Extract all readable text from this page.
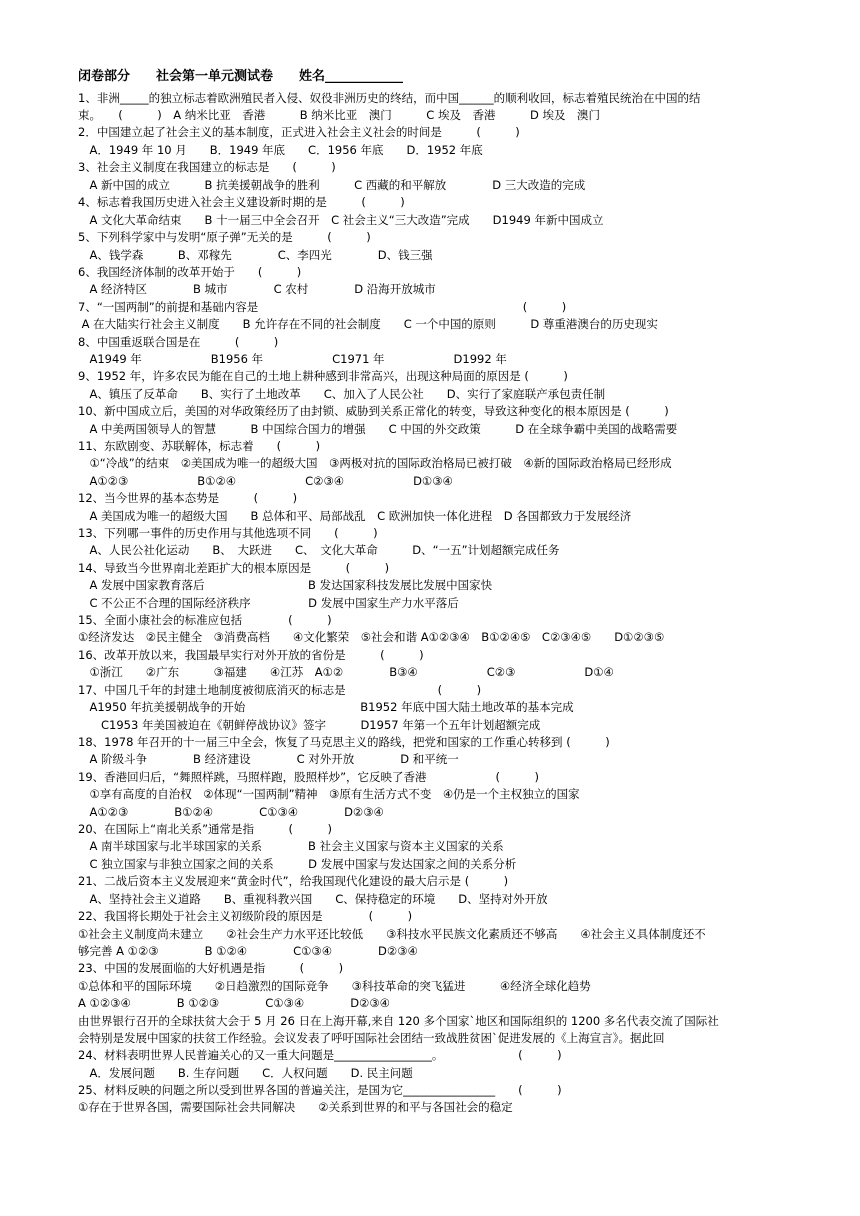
闭卷部分　　社会第一单元测试卷　　姓名____________
1、非洲_____的独立标志着欧洲殖民者入侵、奴役非洲历史的终结，而中国______的顺利收回，标志着殖民统治在中国的结
束。　　(　　　)　A 纳米比亚　香港　　　B 纳米比亚　澳门　　　C 埃及　香港　　　D 埃及　澳门
2．中国建立起了社会主义的基本制度，正式进入社会主义社会的时间是　　　(　　　)
　A．1949 年 10 月　　B．1949 年底　　C．1956 年底　　D．1952 年底
3、社会主义制度在我国建立的标志是　　(　　　)
　A 新中国的成立　　　B 抗美援朝战争的胜利　　　C 西藏的和平解放　　　　D 三大改造的完成
4、标志着我国历史进入社会主义建设新时期的是　　　(　　　)
　A 文化大革命结束　　B 十一届三中全会召开　C 社会主义“三大改造”完成　　D1949 年新中国成立
5、下列科学家中与发明“原子弹”无关的是　　　(　　　)
　A、钱学森　　　B、邓稼先　　　　C、李四光　　　　D、钱三强
6、我国经济体制的改革开始于　　(　　　)
　A 经济特区　　　　B 城市　　　　C 农村　　　　D 沿海开放城市
7、“一国两制”的前提和基础内容是　　　　　　　　　　　　　　　　　　　　　　　(　　　)
A 在大陆实行社会主义制度　　B 允许存在不同的社会制度　　C 一个中国的原则　　　D 尊重港澳台的历史现实
8、中国重返联合国是在　　　(　　　)
　A1949 年　　　　　　B1956 年　　　　　　C1971 年　　　　　　D1992 年
9、1952 年，许多农民为能在自己的土地上耕种感到非常高兴，出现这种局面的原因是 (　　　)
　A、镇压了反革命　　B、实行了土地改革　　C、加入了人民公社　　D、实行了家庭联产承包责任制
10、新中国成立后，美国的对华政策经历了由封锁、威胁到关系正常化的转变，导致这种变化的根本原因是 (　　　)
　A 中美两国领导人的智慧　　　B 中国综合国力的增强　　C 中国的外交政策　　　D 在全球争霸中美国的战略需要
11、东欧剧变、苏联解体，标志着　　(　　　)
　①“冷战”的结束　②美国成为唯一的超级大国　③两极对抗的国际政治格局已被打破　④新的国际政治格局已经形成
　A①②③　　　　　　B①②④　　　　　　C②③④　　　　　　D①③④
12、当今世界的基本态势是　　　(　　　)
　A 美国成为唯一的超级大国　　B 总体和平、局部战乱　C 欧洲加快一体化进程　D 各国都致力于发展经济
13、下列哪一事件的历史作用与其他选项不同　　(　　　)
　A、人民公社化运动　　B、　大跃进　　C、　文化大革命　　　D、“一五”计划超额完成任务
14、导致当今世界南北差距扩大的根本原因是　　　(　　　)
　A 发展中国家教育落后　　　　　　　　　B 发达国家科技发展比发展中国家快
　C 不公正不合理的国际经济秩序　　　　　D 发展中国家生产力水平落后
15、全面小康社会的标准应包括　　　　(　　　)
①经济发达　②民主健全　③消费高档　　④文化繁荣　⑤社会和谐 A①②③④　B①②④⑤　C②③④⑤　　D①②③⑤
16、改革开放以来，我国最早实行对外开放的省份是　　　(　　　)
　①浙江　　②广东　　　③福建　　④江苏　A①②　　　　B③④　　　　　　C②③　　　　　　D①④
17、中国几千年的封建土地制度被彻底消灭的标志是　　　　　　　　(　　　)
　A1950 年抗美援朝战争的开始　　　　　　　　　　B1952 年底中国大陆土地改革的基本完成
　　C1953 年美国被迫在《朝鲜停战协议》签字　　　D1957 年第一个五年计划超额完成
18、1978 年召开的十一届三中全会，恢复了马克思主义的路线，把党和国家的工作重心转移到 (　　　)
　A 阶级斗争　　　　B 经济建设　　　　C 对外开放　　　　D 和平统一
19、香港回归后，“舞照样跳，马照样跑，股照样炒”，它反映了香港　　　　　　(　　　)
　①享有高度的自治权　②体现“一国两制”精神　③原有生活方式不变　④仍是一个主权独立的国家
　A①②③　　　　B①②④　　　　C①③④　　　　D②③④
20、在国际上“南北关系”通常是指　　　(　　　)
　A 南半球国家与北半球国家的关系　　　　B 社会主义国家与资本主义国家的关系
　C 独立国家与非独立国家之间的关系　　　D 发展中国家与发达国家之间的关系分析
21、二战后资本主义发展迎来“黄金时代”，给我国现代化建设的最大启示是 (　　　)
　A、坚持社会主义道路　　B、重视科教兴国　　C、保持稳定的环境　　D、坚持对外开放
22、我国将长期处于社会主义初级阶段的原因是　　　　(　　　)
①社会主义制度尚未建立　　②社会生产力水平还比较低　　③科技水平民族文化素质还不够高　　④社会主义具体制度还不
够完善 A ①②③　　　　B ①②④　　　　C①③④　　　　D②③④
23、中国的发展面临的大好机遇是指　　　(　　　)
①总体和平的国际环境　　②日趋激烈的国际竞争　　③科技革命的突飞猛进　　　④经济全球化趋势
A ①②③④　　　　B ①②③　　　　C①③④　　　　D②③④
由世界银行召开的全球扶贫大会于 5 月 26 日在上海开幕,来自 120 多个国家`地区和国际组织的 1200 多名代表交流了国际社
会特别是发展中国家的扶贫工作经验。会议发表了呼吁国际社会团结一致战胜贫困`促进发展的《上海宣言》。据此回
24、材料表明世界人民普遍关心的又一重大问题是_________________。　　　　　　　(　　　)
　A．发展问题　　B. 生存问题　　C．人权问题　　D. 民主问题
25、材料反映的问题之所以受到世界各国的普遍关注，是国为它________________　　(　　　)
①存在于世界各国，需要国际社会共同解决　　②关系到世界的和平与各国社会的稳定
